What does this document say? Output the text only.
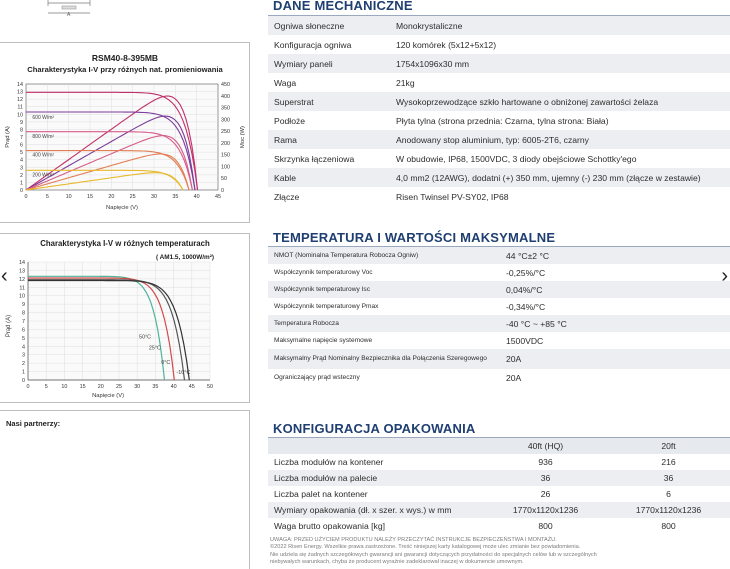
A
RSM40-8-395MB
Charakterystyka I-V przy różnych nat. promieniowania
14
13
12
11
10
9
8
7
6
5
4
3
2
1
0
450
400
350
300
250
200
150
100
50
0
0	5	10	15	20	25	30	35	40	45
Napięcie (V)
Prąd (A)	Moc (W)
600 W/m²
800 W/m²
400 W/m²
200 W/m²
Charakterystyka I-V w różnych temperaturach
( AM1.5, 1000W/m²)
14
13
12
11
10
9
8
7
6
5
4
3
2
1
0
0	5	10 15 20 25 30 35 40 45 50
Napięcie (V)
Prąd (A)
50°C
25°C
0°C
-10°C
Nasi partnerzy:
DANE MECHANICZNE
Ogniwa słoneczne	Monokrystaliczne
Konfiguracja ogniwa	120 komórek (5x12+5x12)
Wymiary paneli	1754x1096x30 mm
Waga	21kg
Superstrat	Wysokoprzewodzące szkło hartowane o obniżonej zawartości żelaza
Podłoże	Płyta tylna (strona przednia: Czarna, tylna strona: Biała)
Rama	Anodowany stop aluminium, typ: 6005-2T6, czarny
Skrzynka łączeniowa	W obudowie, IP68, 1500VDC, 3 diody obejściowe Schottky'ego
Kable	4,0 mm2 (12AWG), dodatni (+) 350 mm, ujemny (-) 230 mm (złącze w zestawie)
Złącze	Risen Twinsel PV-SY02, IP68
TEMPERATURA I WARTOŚCI MAKSYMALNE
NMOT (Nominalna Temperatura Robocza Ogniw)	44 °C±2 °C
Współczynnik temperaturowy Voc	-0,25%/°C
Współczynnik temperaturowy Isc	0,04%/°C
Współczynnik temperaturowy Pmax	-0,34%/°C
Temperatura Robocza	-40 °C ~ +85 °C
Maksymalne napięcie systemowe	1500VDC
Maksymalny Prąd Nominalny Bezpiecznika dla Połączenia Szeregowego	20A
Ograniczający prąd wsteczny	20A
KONFIGURACJA OPAKOWANIA
	40ft (HQ)	20ft
Liczba modułów na kontener	936	216
Liczba modułów na palecie	36	36
Liczba palet na kontener	26	6
Wymiary opakowania (dł. x szer. x wys.) w mm	1770x1120x1236	1770x1120x1236
Waga brutto opakowania [kg]	800	800
UWAGA: PRZED UŻYCIEM PRODUKTU NALEŻY PRZECZYTAĆ INSTRUKCJE BEZPIECZEŃSTWA I MONTAŻU.
©2022 Risen Energy. Wszelkie prawa zastrzeżone. Treść niniejszej karty katalogowej może ulec zmianie bez powiadomienia.
Nie udziela się żadnych szczegółowych gwarancji ani gwarancji dotyczących przydatności do specjalnych celów lub w szczególnych
niebywałych warunkach, chyba że producent wyraźnie zadeklarował inaczej w dokumencie umownym.
‹	›
